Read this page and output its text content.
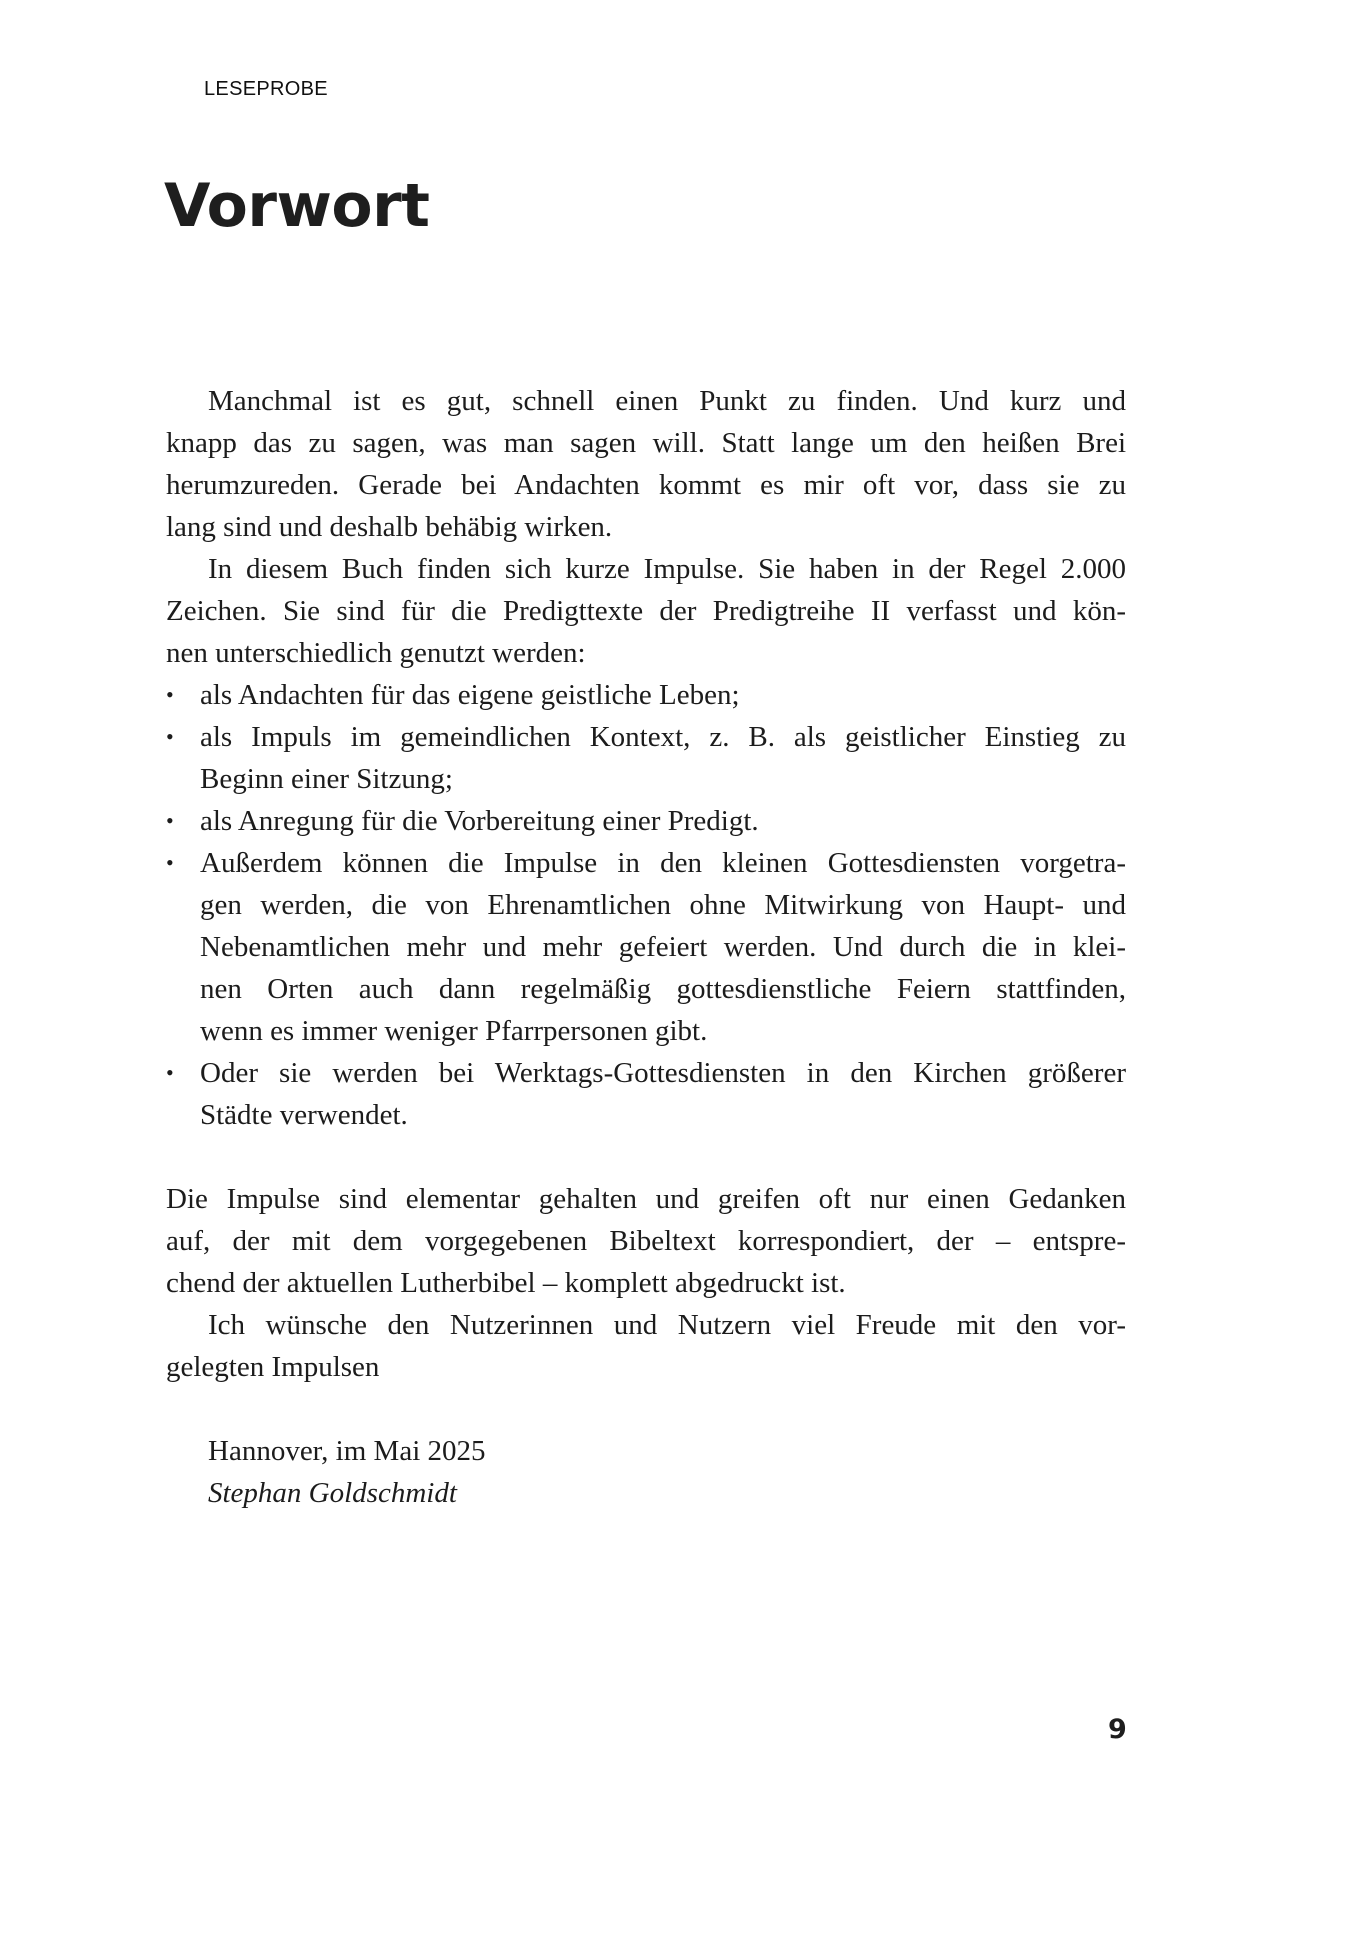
LESEPROBE
Vorwort
Manchmal ist es gut, schnell einen Punkt zu finden. Und kurz und
knapp das zu sagen, was man sagen will. Statt lange um den heißen Brei
herumzureden. Gerade bei Andachten kommt es mir oft vor, dass sie zu
lang sind und deshalb behäbig wirken.
In diesem Buch finden sich kurze Impulse. Sie haben in der Regel 2.000
Zeichen. Sie sind für die Predigttexte der Predigtreihe II verfasst und kön-
nen unterschiedlich genutzt werden:
• als Andachten für das eigene geistliche Leben;
• als Impuls im gemeindlichen Kontext, z. B. als geistlicher Einstieg zu
Beginn einer Sitzung;
• als Anregung für die Vorbereitung einer Predigt.
• Außerdem können die Impulse in den kleinen Gottesdiensten vorgetra-
gen werden, die von Ehrenamtlichen ohne Mitwirkung von Haupt- und
Nebenamtlichen mehr und mehr gefeiert werden. Und durch die in klei-
nen Orten auch dann regelmäßig gottesdienstliche Feiern stattfinden,
wenn es immer weniger Pfarrpersonen gibt.
• Oder sie werden bei Werktags-Gottesdiensten in den Kirchen größerer
Städte verwendet.
Die Impulse sind elementar gehalten und greifen oft nur einen Gedanken
auf, der mit dem vorgegebenen Bibeltext korrespondiert, der – entspre-
chend der aktuellen Lutherbibel – komplett abgedruckt ist.
Ich wünsche den Nutzerinnen und Nutzern viel Freude mit den vor-
gelegten Impulsen
Hannover, im Mai 2025
Stephan Goldschmidt
9
